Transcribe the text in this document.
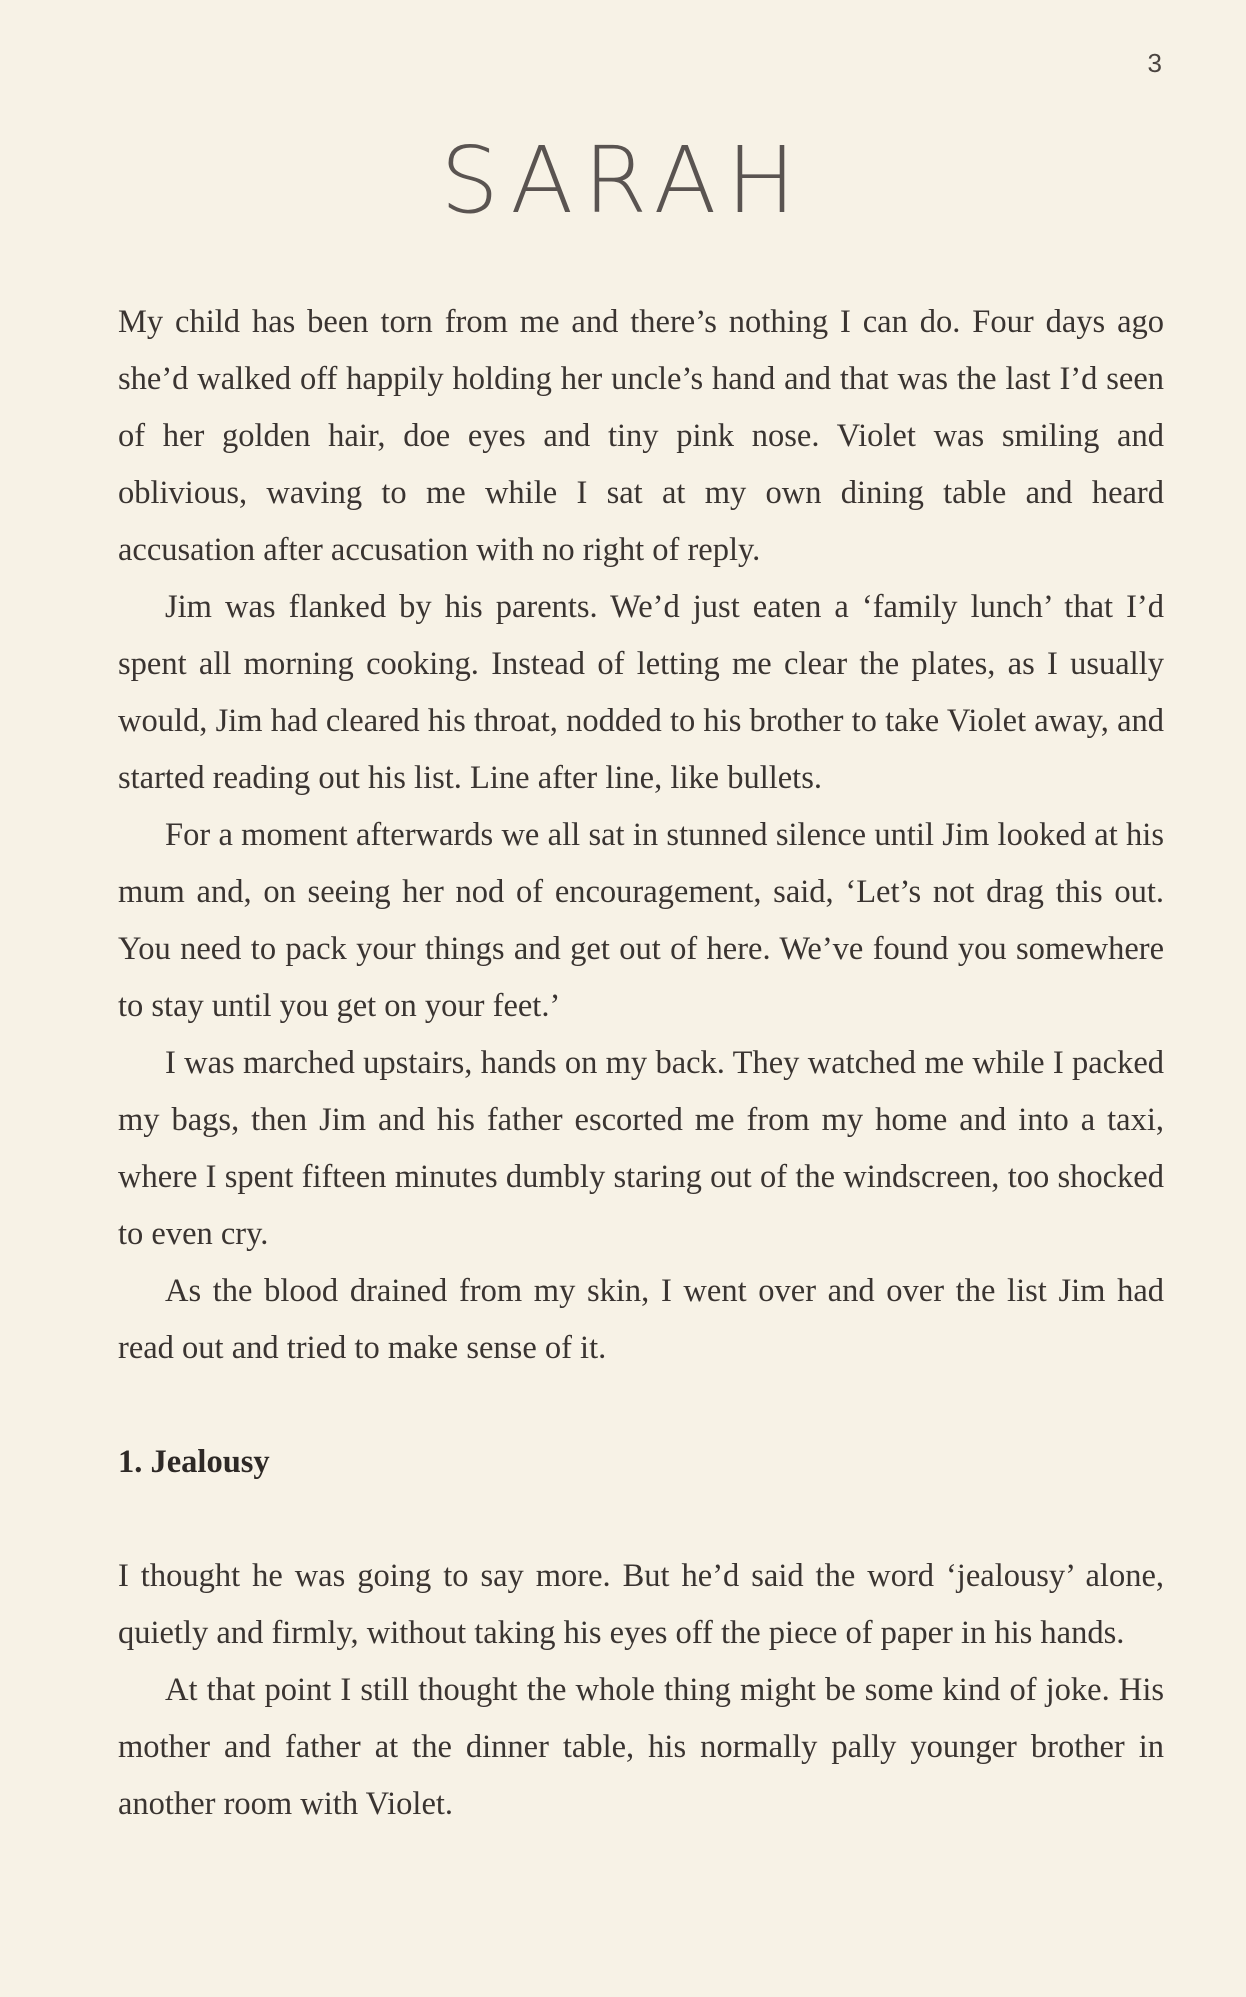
3
SARAH

My child has been torn from me and there’s nothing I can do. Four days ago she’d walked off happily holding her uncle’s hand and that was the last I’d seen of her golden hair, doe eyes and tiny pink nose. Violet was smiling and oblivious, waving to me while I sat at my own dining table and heard accusation after accusation with no right of reply.

Jim was flanked by his parents. We’d just eaten a ‘family lunch’ that I’d spent all morning cooking. Instead of letting me clear the plates, as I usually would, Jim had cleared his throat, nodded to his brother to take Violet away, and started reading out his list. Line after line, like bullets.

For a moment afterwards we all sat in stunned silence until Jim looked at his mum and, on seeing her nod of encouragement, said, ‘Let’s not drag this out. You need to pack your things and get out of here. We’ve found you somewhere to stay until you get on your feet.’

I was marched upstairs, hands on my back. They watched me while I packed my bags, then Jim and his father escorted me from my home and into a taxi, where I spent fifteen minutes dumbly staring out of the windscreen, too shocked to even cry.

As the blood drained from my skin, I went over and over the list Jim had read out and tried to make sense of it.

1. Jealousy

I thought he was going to say more. But he’d said the word ‘jealousy’ alone, quietly and firmly, without taking his eyes off the piece of paper in his hands.

At that point I still thought the whole thing might be some kind of joke. His mother and father at the dinner table, his normally pally younger brother in another room with Violet.
